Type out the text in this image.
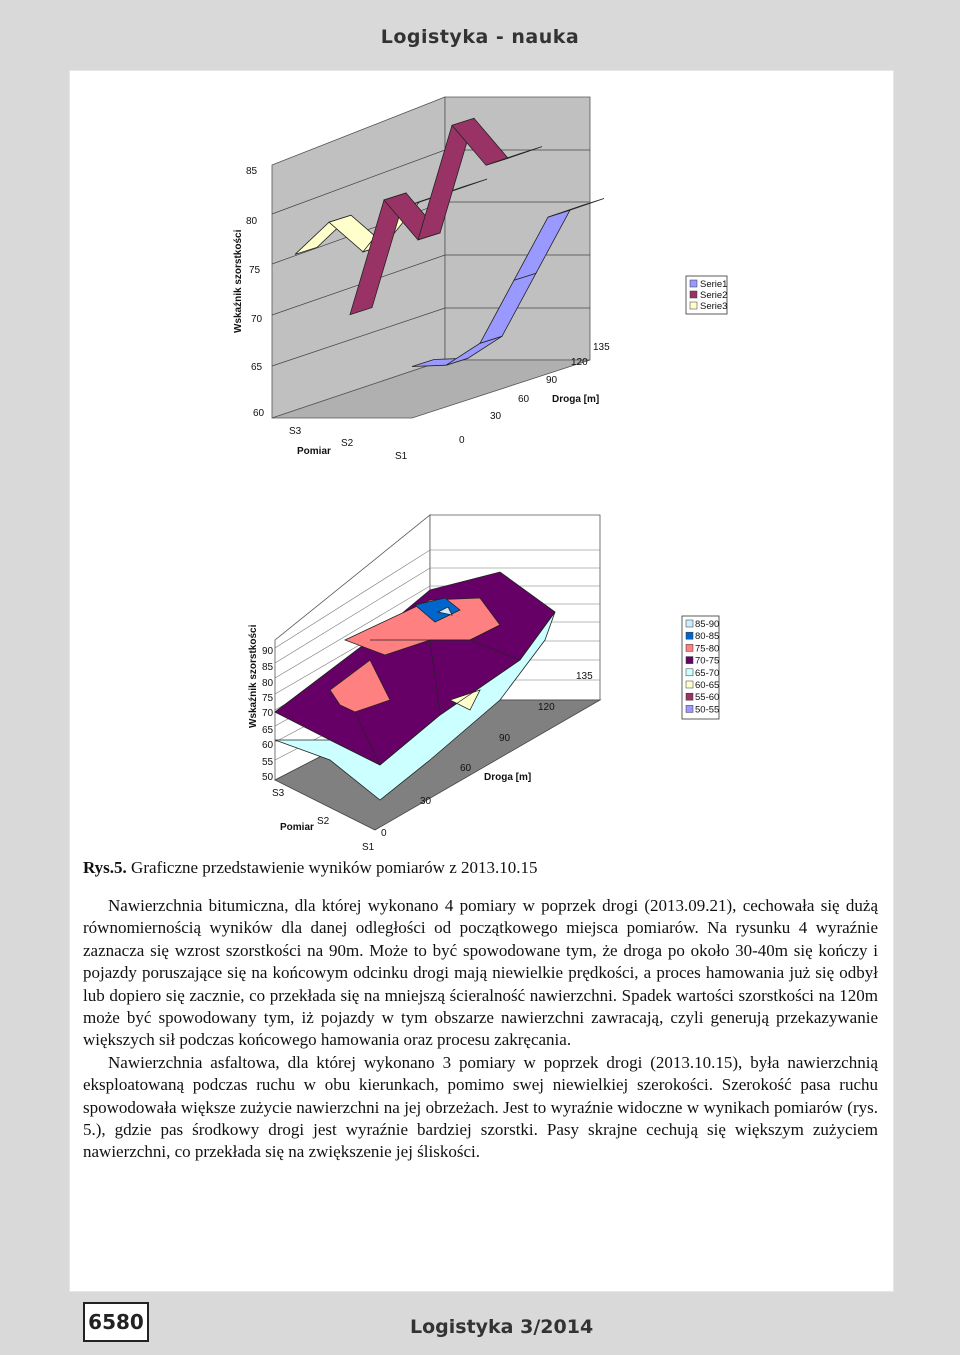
Logistyka - nauka
85
80
75
70
65
60
Wskaźnik szorstkości
0
30
60
90
120
135
Droga [m]
S3
S2
S1
Pomiar
Serie1
Serie2
Serie3
90
85
80
75
70
65
60
55
50
Wskaźnik szorstkości
0
30
60
90
120
135
Droga [m]
S3
S2
S1
Pomiar
85-90
80-85
75-80
70-75
65-70
60-65
55-60
50-55
Rys.5. Graficzne przedstawienie wyników pomiarów z 2013.10.15

Nawierzchnia bitumiczna, dla której wykonano 4 pomiary w poprzek drogi (2013.09.21), cechowała się dużą równomiernością wyników dla danej odległości od początkowego miejsca pomiarów. Na rysunku 4 wyraźnie zaznacza się wzrost szorstkości na 90m. Może to być spowodowane tym, że droga po około 30-40m się kończy i pojazdy poruszające się na końcowym odcinku drogi mają niewielkie prędkości, a proces hamowania już się odbył lub dopiero się zacznie, co przekłada się na mniejszą ścieralność nawierzchni. Spadek wartości szorstkości na 120m może być spowodowany tym, iż pojazdy w tym obszarze nawierzchni zawracają, czyli generują przekazywanie większych sił podczas końcowego hamowania oraz procesu zakręcania.

Nawierzchnia asfaltowa, dla której wykonano 3 pomiary w poprzek drogi (2013.10.15), była nawierzchnią eksploatowaną podczas ruchu w obu kierunkach, pomimo swej niewielkiej szerokości. Szerokość pasa ruchu spowodowała większe zużycie nawierzchni na jej obrzeżach. Jest to wyraźnie widoczne w wynikach pomiarów (rys. 5.), gdzie pas środkowy drogi jest wyraźnie bardziej szorstki. Pasy skrajne cechują się większym zużyciem nawierzchni, co przekłada się na zwiększenie jej śliskości.

6580	Logistyka 3/2014
